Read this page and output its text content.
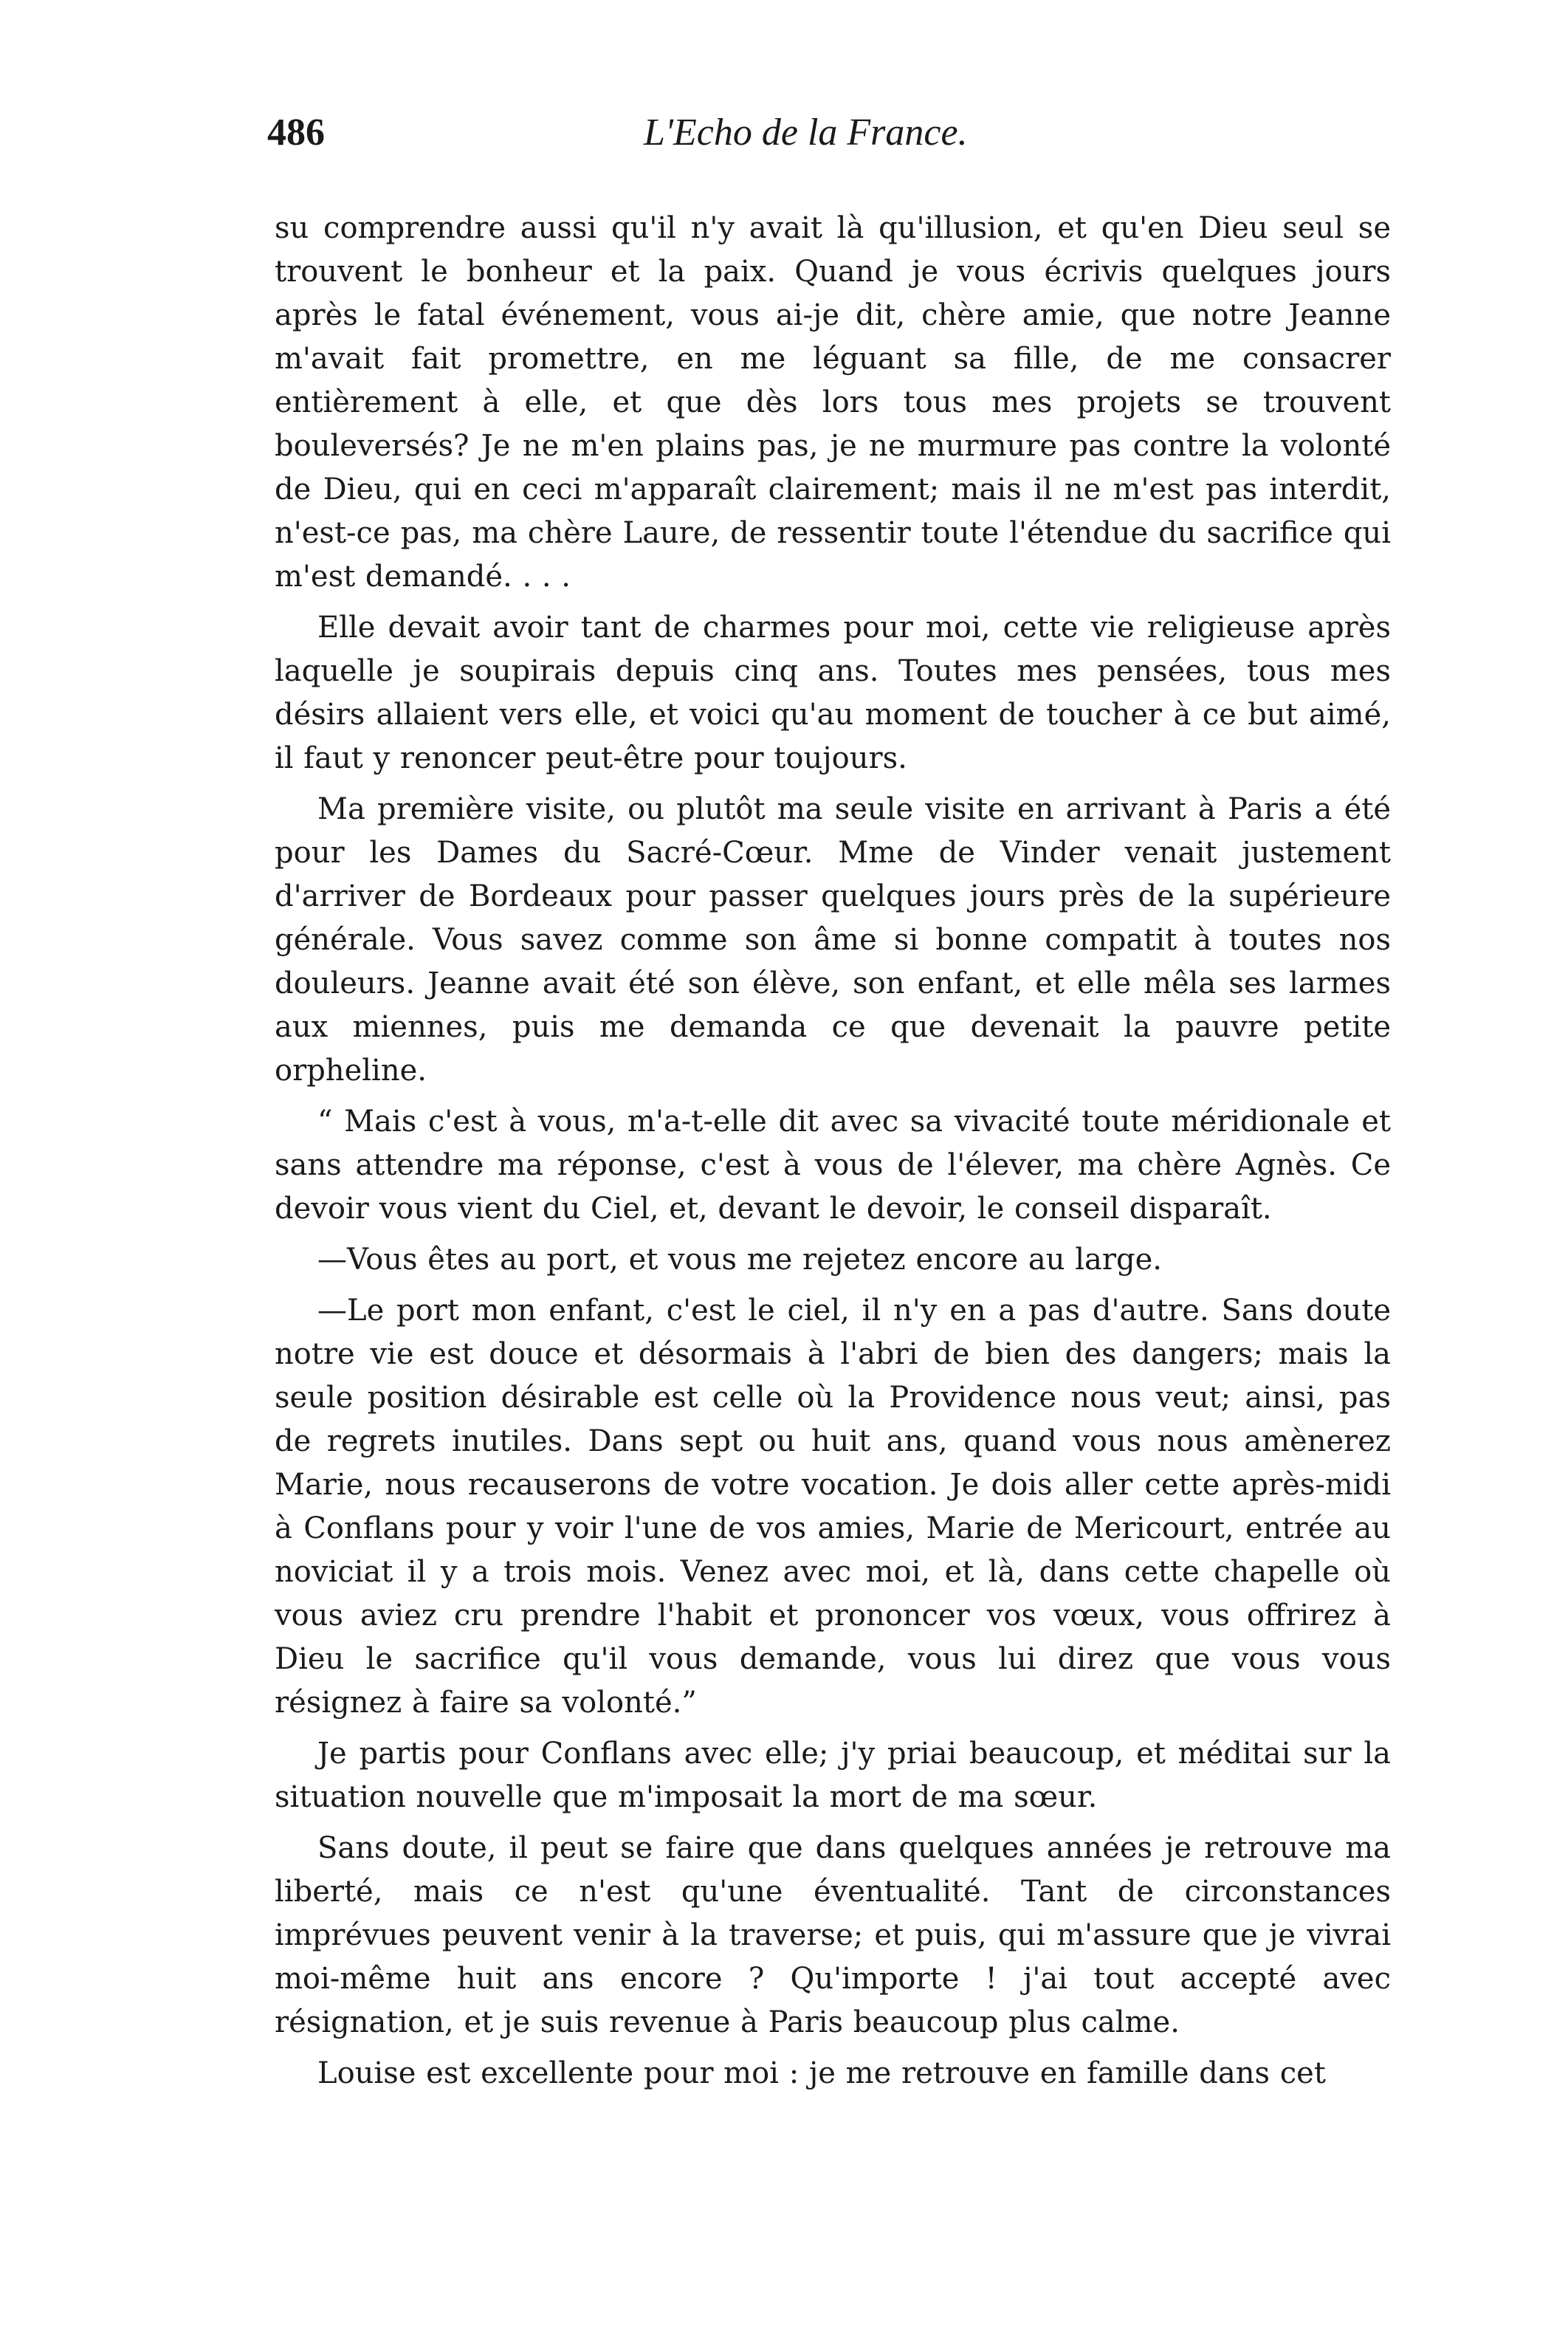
486	L'Echo de la France.

su comprendre aussi qu'il n'y avait là qu'illusion, et qu'en Dieu seul se trouvent le bonheur et la paix. Quand je vous écrivis quelques jours après le fatal événement, vous ai-je dit, chère amie, que notre Jeanne m'avait fait promettre, en me léguant sa fille, de me consacrer entièrement à elle, et que dès lors tous mes projets se trouvent bouleversés? Je ne m'en plains pas, je ne murmure pas contre la volonté de Dieu, qui en ceci m'apparaît clairement; mais il ne m'est pas interdit, n'est-ce pas, ma chère Laure, de ressentir toute l'étendue du sacrifice qui m'est demandé. . . .

Elle devait avoir tant de charmes pour moi, cette vie religieuse après laquelle je soupirais depuis cinq ans. Toutes mes pensées, tous mes désirs allaient vers elle, et voici qu'au moment de toucher à ce but aimé, il faut y renoncer peut-être pour toujours.

Ma première visite, ou plutôt ma seule visite en arrivant à Paris a été pour les Dames du Sacré-Cœur. Mme de Vinder venait justement d'arriver de Bordeaux pour passer quelques jours près de la supérieure générale. Vous savez comme son âme si bonne compatit à toutes nos douleurs. Jeanne avait été son élève, son enfant, et elle mêla ses larmes aux miennes, puis me demanda ce que devenait la pauvre petite orpheline.

“ Mais c'est à vous, m'a-t-elle dit avec sa vivacité toute méridionale et sans attendre ma réponse, c'est à vous de l'élever, ma chère Agnès. Ce devoir vous vient du Ciel, et, devant le devoir, le conseil disparaît.

—Vous êtes au port, et vous me rejetez encore au large.

—Le port mon enfant, c'est le ciel, il n'y en a pas d'autre. Sans doute notre vie est douce et désormais à l'abri de bien des dangers; mais la seule position désirable est celle où la Providence nous veut; ainsi, pas de regrets inutiles. Dans sept ou huit ans, quand vous nous amènerez Marie, nous recauserons de votre vocation. Je dois aller cette après-midi à Conflans pour y voir l'une de vos amies, Marie de Mericourt, entrée au noviciat il y a trois mois. Venez avec moi, et là, dans cette chapelle où vous aviez cru prendre l'habit et prononcer vos vœux, vous offrirez à Dieu le sacrifice qu'il vous demande, vous lui direz que vous vous résignez à faire sa volonté.”

Je partis pour Conflans avec elle; j'y priai beaucoup, et méditai sur la situation nouvelle que m'imposait la mort de ma sœur.

Sans doute, il peut se faire que dans quelques années je retrouve ma liberté, mais ce n'est qu'une éventualité. Tant de circonstances imprévues peuvent venir à la traverse; et puis, qui m'assure que je vivrai moi-même huit ans encore ? Qu'importe ! j'ai tout accepté avec résignation, et je suis revenue à Paris beaucoup plus calme.

Louise est excellente pour moi : je me retrouve en famille dans cet
